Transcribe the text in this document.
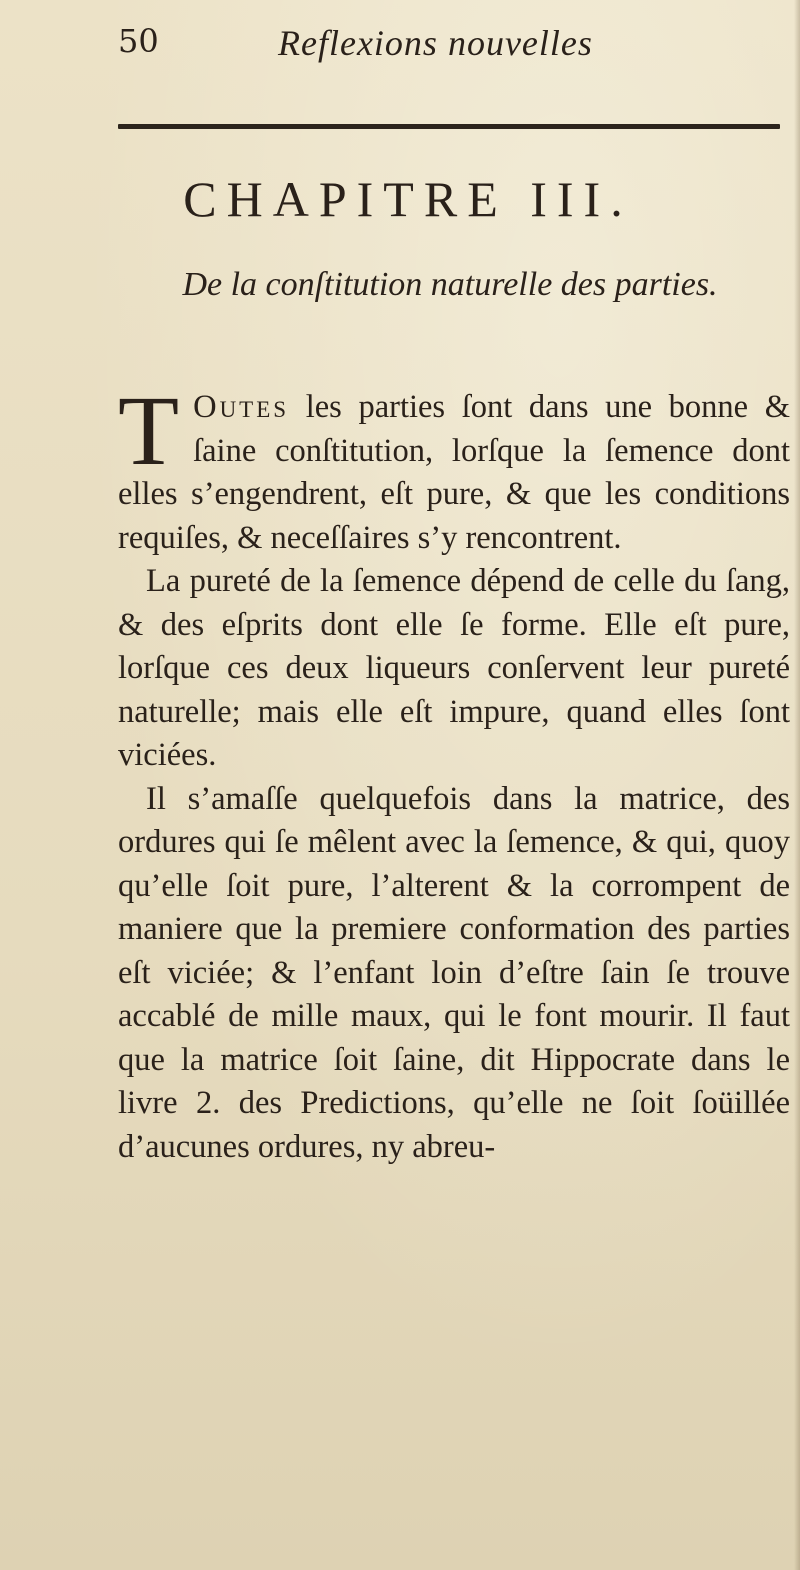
50	Reflexions nouvelles
CHAPITRE III.
De la conſtitution naturelle des parties.

T Outes les parties ſont dans une bonne & ſaine conſtitution, lorſque la ſemence dont elles s’engendrent, eſt pure, & que les conditions requiſes, & neceſſaires s’y rencontrent.

La pureté de la ſemence dépend de celle du ſang, & des eſprits dont elle ſe forme. Elle eſt pure, lorſque ces deux liqueurs conſervent leur pureté naturelle; mais elle eſt impure, quand elles ſont viciées.

Il s’amaſſe quelquefois dans la matrice, des ordures qui ſe mêlent avec la ſemence, & qui, quoy qu’elle ſoit pure, l’alterent & la corrompent de maniere que la premiere conformation des parties eſt viciée; & l’enfant loin d’eſtre ſain ſe trouve accablé de mille maux, qui le font mourir. Il faut que la matrice ſoit ſaine, dit Hippocrate dans le livre 2. des Predictions, qu’elle ne ſoit ſoüillée d’aucunes ordures, ny abreu-
